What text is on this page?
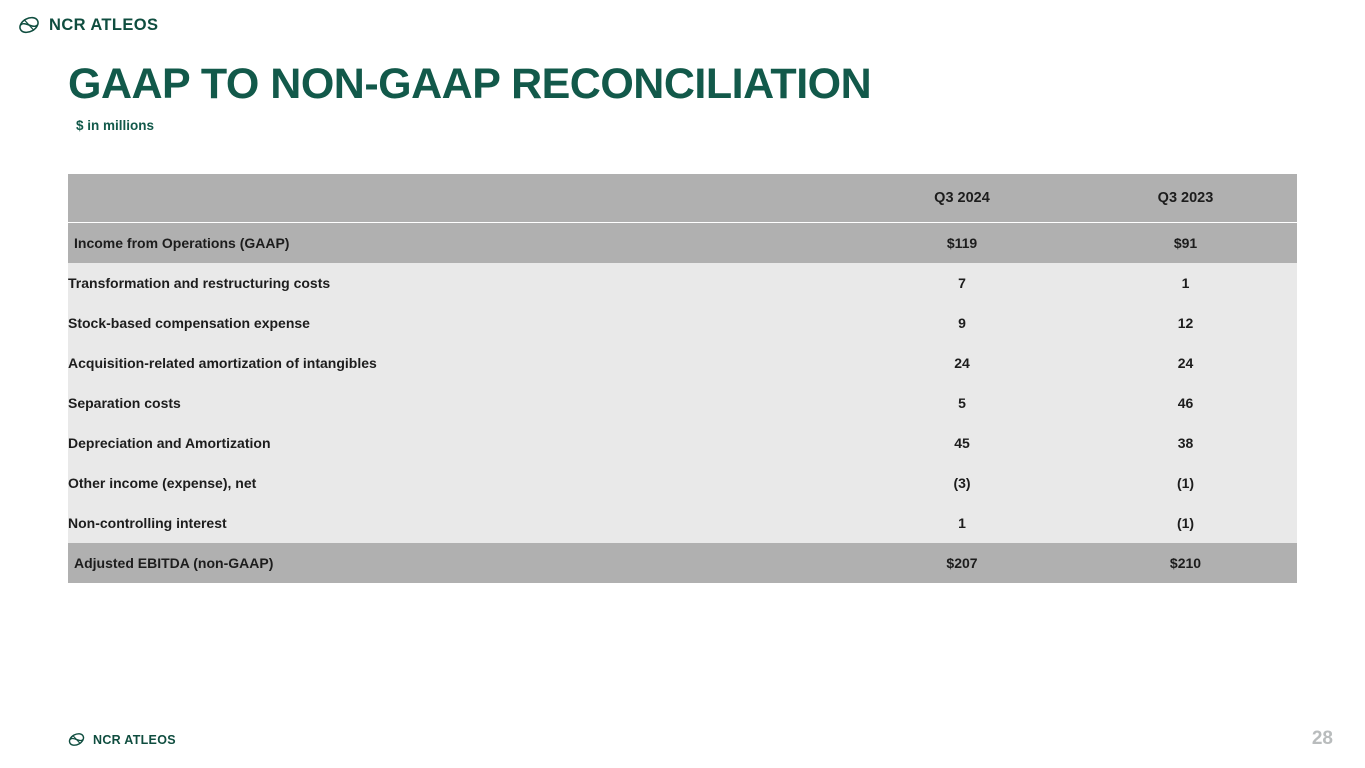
NCR ATLEOS
GAAP TO NON-GAAP RECONCILIATION
$ in millions
	Q3 2024	Q3 2023

Income from Operations (GAAP)	$119	$91
Transformation and restructuring costs	7	1
Stock-based compensation expense	9	12
Acquisition-related amortization of intangibles	24	24
Separation costs	5	46
Depreciation and Amortization	45	38
Other income (expense), net	(3)	(1)
Non-controlling interest	1	(1)
Adjusted EBITDA (non-GAAP)	$207	$210
NCR ATLEOS	28
